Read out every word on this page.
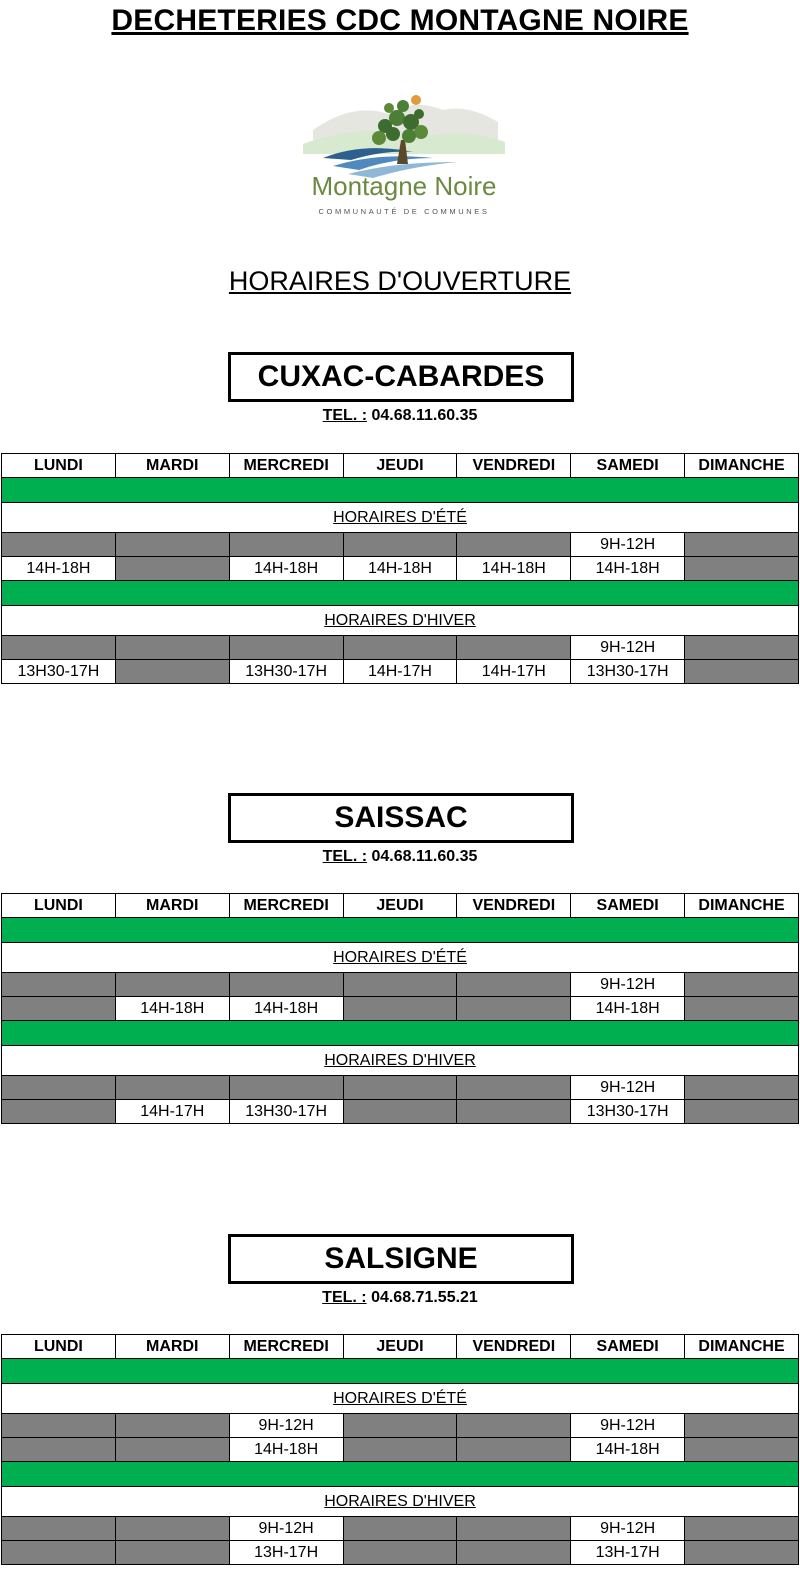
DECHETERIES CDC MONTAGNE NOIRE
Montagne Noire
COMMUNAUTÉ DE COMMUNES
HORAIRES D'OUVERTURE
CUXAC-CABARDES
TEL. : 04.68.11.60.35
LUNDI	MARDI	MERCREDI	JEUDI	VENDREDI	SAMEDI	DIMANCHE

HORAIRES D'ÉTÉ						
					9H-12H	
14H-18H		14H-18H	14H-18H	14H-18H	14H-18H	

HORAIRES D'HIVER						
					9H-12H	
13H30-17H		13H30-17H	14H-17H	14H-17H	13H30-17H	
SAISSAC
TEL. : 04.68.11.60.35
LUNDI	MARDI	MERCREDI	JEUDI	VENDREDI	SAMEDI	DIMANCHE

HORAIRES D'ÉTÉ						
					9H-12H	
	14H-18H	14H-18H			14H-18H	

HORAIRES D'HIVER						
					9H-12H	
	14H-17H	13H30-17H			13H30-17H	
SALSIGNE
TEL. : 04.68.71.55.21
LUNDI	MARDI	MERCREDI	JEUDI	VENDREDI	SAMEDI	DIMANCHE

HORAIRES D'ÉTÉ						
		9H-12H			9H-12H	
		14H-18H			14H-18H	

HORAIRES D'HIVER						
		9H-12H			9H-12H	
		13H-17H			13H-17H	
